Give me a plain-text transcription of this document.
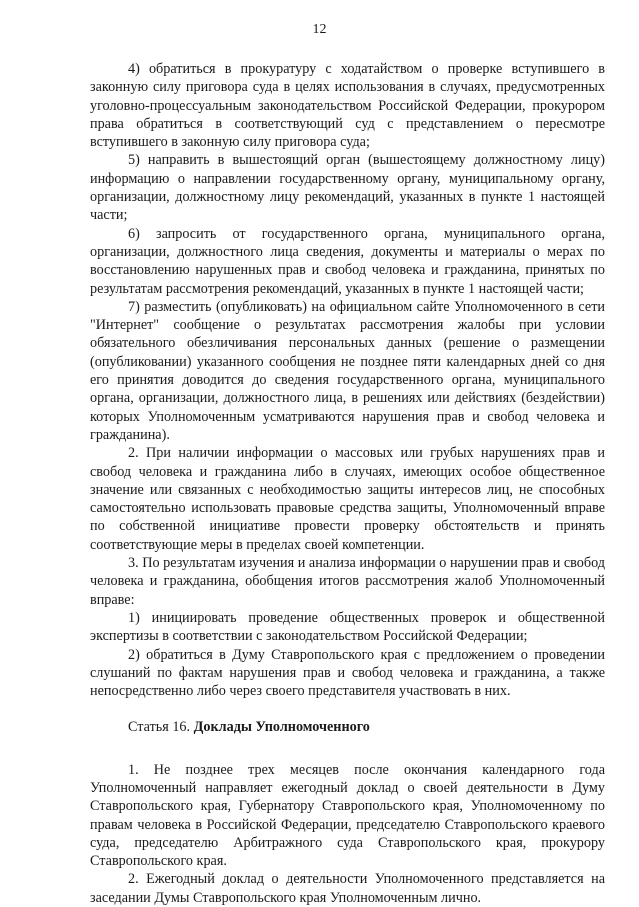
12

4) обратиться в прокуратуру с ходатайством о проверке вступившего в законную силу приговора суда в целях использования в случаях, предусмотренных уголовно-процессуальным законодательством Российской Федерации, прокурором права обратиться в соответствующий суд с представлением о пересмотре вступившего в законную силу приговора суда;

5) направить в вышестоящий орган (вышестоящему должностному лицу) информацию о направлении государственному органу, муниципальному органу, организации, должностному лицу рекомендаций, указанных в пункте 1 настоящей части;

6) запросить от государственного органа, муниципального органа, организации, должностного лица сведения, документы и материалы о мерах по восстановлению нарушенных прав и свобод человека и гражданина, принятых по результатам рассмотрения рекомендаций, указанных в пункте 1 настоящей части;

7) разместить (опубликовать) на официальном сайте Уполномоченного в сети "Интернет" сообщение о результатах рассмотрения жалобы при условии обязательного обезличивания персональных данных (решение о размещении (опубликовании) указанного сообщения не позднее пяти календарных дней со дня его принятия доводится до сведения государственного органа, муниципального органа, организации, должностного лица, в решениях или действиях (бездействии) которых Уполномоченным усматриваются нарушения прав и свобод человека и гражданина).

2. При наличии информации о массовых или грубых нарушениях прав и свобод человека и гражданина либо в случаях, имеющих особое общественное значение или связанных с необходимостью защиты интересов лиц, не способных самостоятельно использовать правовые средства защиты, Уполномоченный вправе по собственной инициативе провести проверку обстоятельств и принять соответствующие меры в пределах своей компетенции.

3. По результатам изучения и анализа информации о нарушении прав и свобод человека и гражданина, обобщения итогов рассмотрения жалоб Уполномоченный вправе:

1) инициировать проведение общественных проверок и общественной экспертизы в соответствии с законодательством Российской Федерации;

2) обратиться в Думу Ставропольского края с предложением о проведении слушаний по фактам нарушения прав и свобод человека и гражданина, а также непосредственно либо через своего представителя участвовать в них.

Статья 16. Доклады Уполномоченного

1. Не позднее трех месяцев после окончания календарного года Уполномоченный направляет ежегодный доклад о своей деятельности в Думу Ставропольского края, Губернатору Ставропольского края, Уполномоченному по правам человека в Российской Федерации, председателю Ставропольского краевого суда, председателю Арбитражного суда Ставропольского края, прокурору Ставропольского края.

2. Ежегодный доклад о деятельности Уполномоченного представляется на заседании Думы Ставропольского края Уполномоченным лично.
